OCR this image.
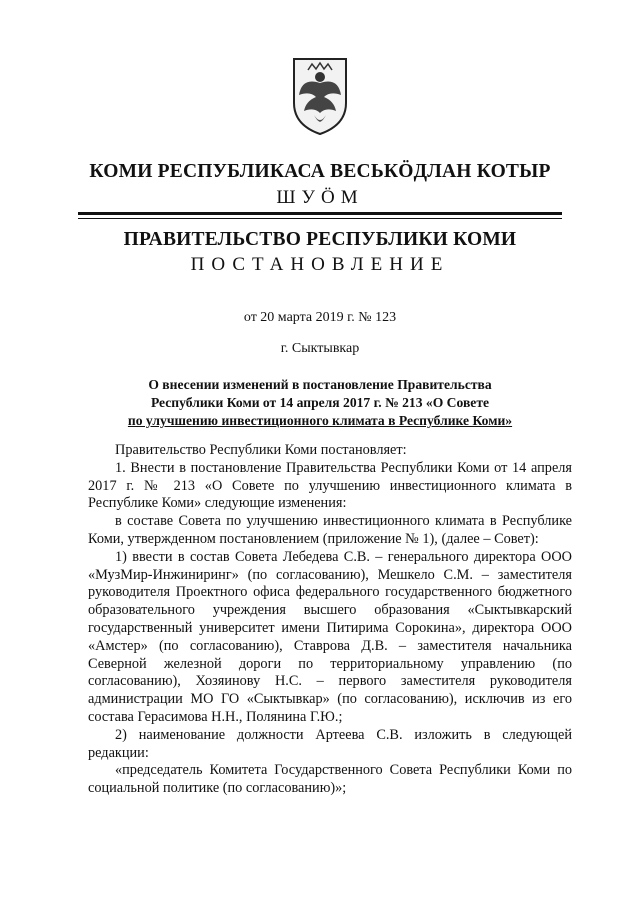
КОМИ РЕСПУБЛИКАСА ВЕСЬКӦДЛАН КОТЫР
ШУӦМ
ПРАВИТЕЛЬСТВО РЕСПУБЛИКИ КОМИ
ПОСТАНОВЛЕНИЕ
от 20 марта 2019 г. № 123
г. Сыктывкар
О внесении изменений в постановление Правительства
Республики Коми от 14 апреля 2017 г. № 213 «О Совете
по улучшению инвестиционного климата в Республике Коми»

Правительство Республики Коми постановляет:

1. Внести в постановление Правительства Республики Коми от 14 апреля 2017 г. № 213 «О Совете по улучшению инвестиционного климата в Республике Коми» следующие изменения:

в составе Совета по улучшению инвестиционного климата в Республике Коми, утвержденном постановлением (приложение № 1), (далее – Совет):

1) ввести в состав Совета Лебедева С.В. – генерального директора ООО «МузМир-Инжиниринг» (по согласованию), Мешкело С.М. – заместителя руководителя Проектного офиса федерального государственного бюджетного образовательного учреждения высшего образования «Сыктывкарский государственный университет имени Питирима Сорокина», директора ООО «Амстер» (по согласованию), Ставрова Д.В. – заместителя начальника Северной железной дороги по территориальному управлению (по согласованию), Хозяинову Н.С. – первого заместителя руководителя администрации МО ГО «Сыктывкар» (по согласованию), исключив из его состава Герасимова Н.Н., Полянина Г.Ю.;

2) наименование должности Артеева С.В. изложить в следующей редакции:

«председатель Комитета Государственного Совета Республики Коми по социальной политике (по согласованию)»;
